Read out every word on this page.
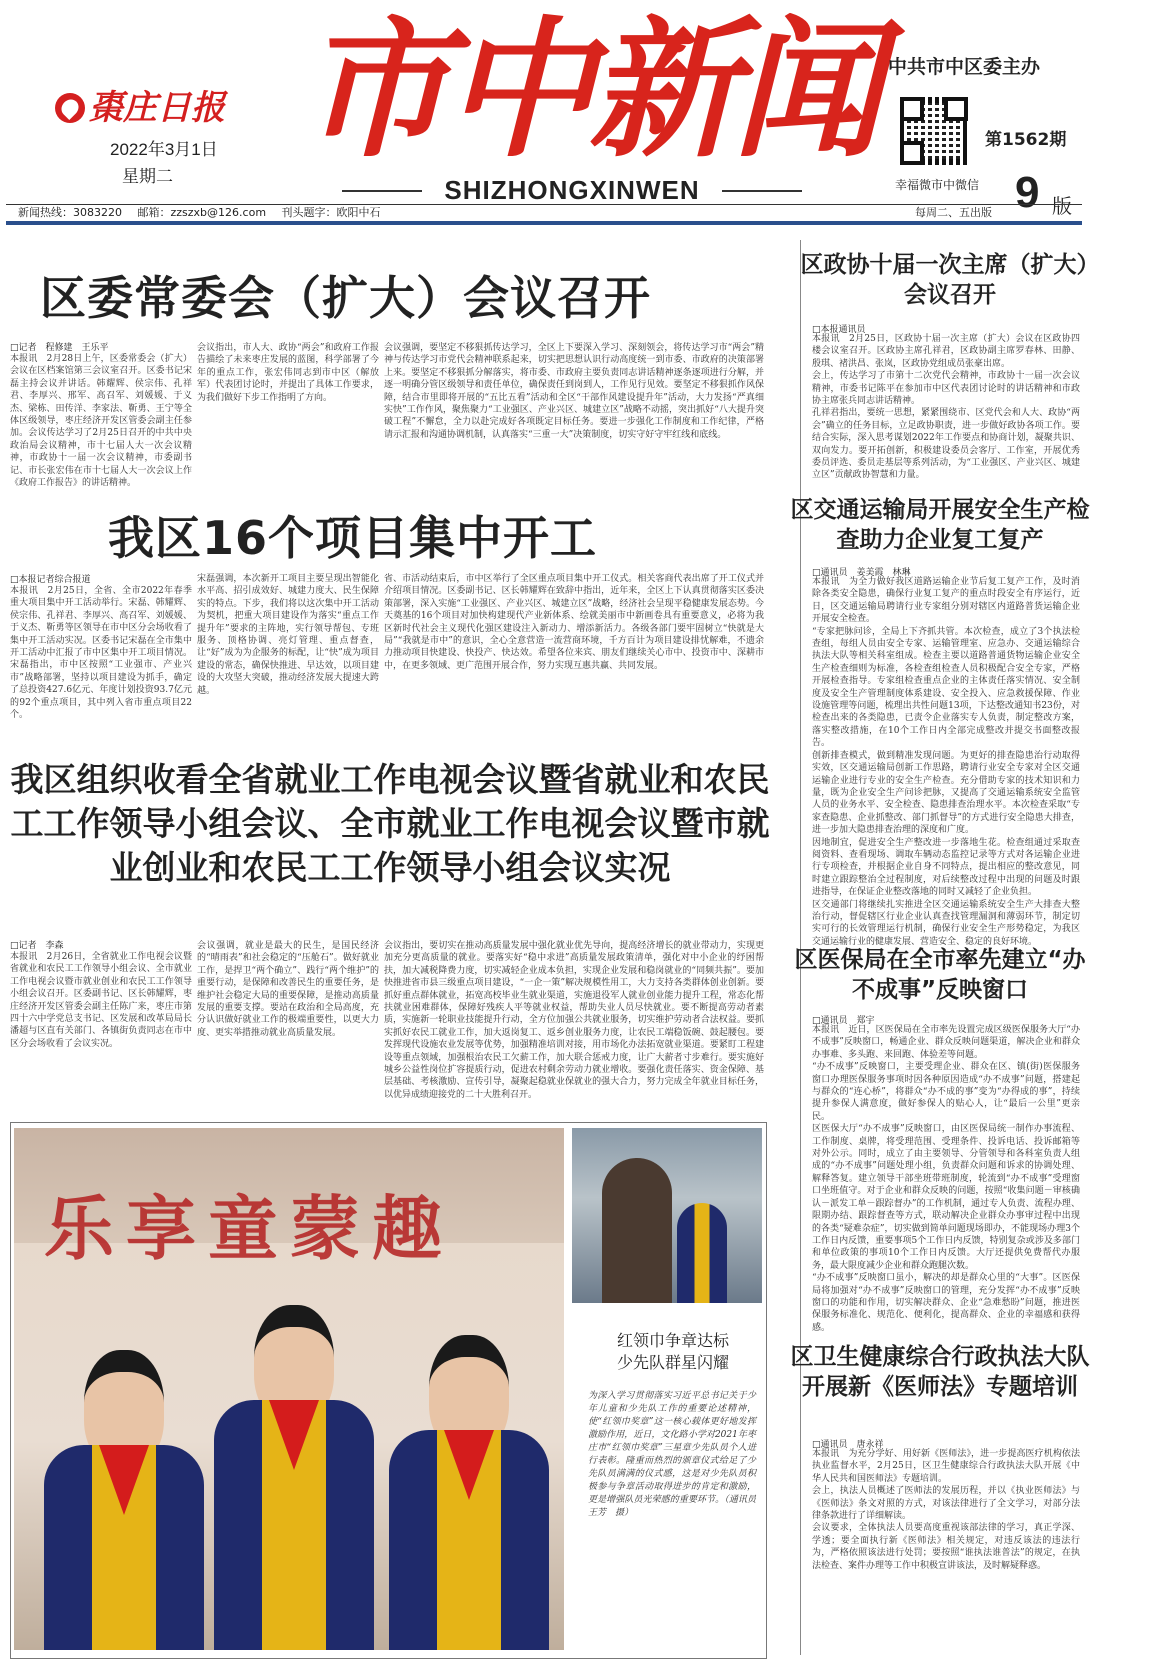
棗庄日报
2022年3月1日
星期二 市中新闻
SHIZHONGXINWEN
中共市中区委主办
第1562期
幸福微市中微信 9 版
新闻热线：3083220 邮箱：zzszxb@126.com 刊头题字：欧阳中石	每周二、五出版
区委常委会（扩大）会议召开
□记者　程修建　王乐平
本报讯　2月28日上午，区委常委会（扩大）会议在区档案馆第三会议室召开。区委书记宋磊主持会议并讲话。韩耀辉、侯宗伟、孔祥君、李厚兴、邢军、高召军、刘媛媛、于义杰、梁栋、田传洋、李家法、靳勇、王宁等全体区级领导，枣庄经济开发区管委会副主任参加。会议传达学习了2月25日召开的中共中央政治局会议精神，市十七届人大一次会议精神，市政协十一届一次会议精神，市委副书记、市长张宏伟在市十七届人大一次会议上作《政府工作报告》的讲话精神。
会议指出，市人大、政协“两会”和政府工作报告描绘了未来枣庄发展的蓝图，科学部署了今年的重点工作，张宏伟同志到市中区（解放军）代表团讨论时，并提出了具体工作要求，为我们做好下步工作指明了方向。
会议强调，要坚定不移狠抓传达学习，全区上下要深入学习、深刻领会，将传达学习市“两会”精神与传达学习市党代会精神联系起来，切实把思想认识行动高度统一到市委、市政府的决策部署上来。要坚定不移狠抓分解落实，将市委、市政府主要负责同志讲话精神逐条逐项进行分解，并逐一明确分管区级领导和责任单位，确保责任到岗到人，工作见行见效。要坚定不移狠抓作风保障，结合市里即将开展的“五比五看”活动和全区“干部作风建设提升年”活动，大力发扬“严真细实快”工作作风，聚焦聚力“工业强区、产业兴区、城建立区”战略不动摇，突出抓好“八大提升突破工程”不懈怠，全力以赴完成好各项既定目标任务。要进一步强化工作制度和工作纪律，严格请示汇报和沟通协调机制，认真落实“三重一大”决策制度，切实守好守牢红线和底线。
我区16个项目集中开工
□本报记者综合报道
本报讯　2月25日，全省、全市2022年春季重大项目集中开工活动举行。宋磊、韩耀辉、侯宗伟、孔祥君、李厚兴、高召军、刘媛媛、于义杰、靳勇等区领导在市中区分会场收看了集中开工活动实况。区委书记宋磊在全市集中开工活动中汇报了市中区集中开工项目情况。宋磊指出，市中区按照“工业强市、产业兴市”战略部署，坚持以项目建设为抓手，确定了总投资427.6亿元、年度计划投资93.7亿元的92个重点项目，其中列入省市重点项目22个。
宋磊强调，本次新开工项目主要呈现出智能化水平高、招引成效好、城建力度大、民生保障实的特点。下步，我们将以这次集中开工活动为契机，把重大项目建设作为落实“重点工作提升年”要求的主阵地，实行领导帮包、专班服务、顶格协调、亮灯管理、重点督查，让“好”成为为企服务的标配，让“快”成为项目建设的常态，确保快推进、早达效，以项目建设的大攻坚大突破，推动经济发展大提速大跨越。
省、市活动结束后，市中区举行了全区重点项目集中开工仪式。相关客商代表出席了开工仪式并介绍项目情况。区委副书记、区长韩耀辉在致辞中指出，近年来，全区上下认真贯彻落实区委决策部署，深入实施“工业强区、产业兴区、城建立区”战略，经济社会呈现平稳健康发展态势。今天奠基的16个项目对加快构建现代产业新体系、绘就美丽市中新画卷具有重要意义，必将为我区新时代社会主义现代化强区建设注入新动力、增添新活力。各级各部门要牢固树立“快就是大局”“我就是市中”的意识，全心全意营造一流营商环境，千方百计为项目建设排忧解难，不遗余力推动项目快建设、快投产、快达效。希望各位来宾、朋友们继续关心市中、投资市中、深耕市中，在更多领域、更广范围开展合作，努力实现互惠共赢、共同发展。
我区组织收看全省就业工作电视会议暨省就业和农民工工作领导小组会议、全市就业工作电视会议暨市就业创业和农民工工作领导小组会议实况
□记者　李森
本报讯　2月26日，全省就业工作电视会议暨省就业和农民工工作领导小组会议、全市就业工作电视会议暨市就业创业和农民工工作领导小组会议召开。区委副书记、区长韩耀辉，枣庄经济开发区管委会副主任陈广来，枣庄市第四十六中学党总支书记、区发展和改革局局长潘超与区直有关部门、各镇街负责同志在市中区分会场收看了会议实况。
会议强调，就业是最大的民生，是国民经济的“晴雨表”和社会稳定的“压舱石”。做好就业工作，是捍卫“两个确立”、践行“两个维护”的重要行动，是保障和改善民生的重要任务，是维护社会稳定大局的重要保障，是推动高质量发展的重要支撑。要站在政治和全局高度，充分认识做好就业工作的极端重要性，以更大力度、更实举措推动就业高质量发展。
会议指出，要切实在推动高质量发展中强化就业优先导向，提高经济增长的就业带动力，实现更加充分更高质量的就业。要落实好“稳中求进”高质量发展政策清单，强化对中小企业的纾困帮扶，加大减税降费力度，切实减轻企业成本负担，实现企业发展和稳岗就业的“同频共振”。要加快推进省市县三级重点项目建设，“一企一策”解决规模性用工，大力支持各类群体创业创新。要抓好重点群体就业，拓宽高校毕业生就业渠道，实施退役军人就业创业能力提升工程，常态化帮扶就业困难群体，保障好残疾人平等就业权益，帮助失业人员尽快就业。要不断提高劳动者素质，实施新一轮职业技能提升行动，全方位加强公共就业服务，切实维护劳动者合法权益。要抓实抓好农民工就业工作，加大返岗复工、返乡创业服务力度，让农民工端稳饭碗、鼓起腰包。要发挥现代设施农业发展等优势，加强精准培训对接，用市场化办法拓宽就业渠道。要紧盯工程建设等重点领域，加强根治农民工欠薪工作，加大联合惩戒力度，让广大薪者寸步难行。要实施好城乡公益性岗位扩容提质行动，促进农村剩余劳动力就业增收。要强化责任落实、资金保障、基层基础、考核激励、宣传引导，凝聚起稳就业保就业的强大合力，努力完成全年就业目标任务，以优异成绩迎接党的二十大胜利召开。
乐享童蒙趣
红领巾争章达标
少先队群星闪耀
为深入学习贯彻落实习近平总书记关于少年儿童和少先队工作的重要论述精神，使“红领巾奖章”这一核心载体更好地发挥激励作用，近日，文化路小学对2021年枣庄市“红领巾奖章”三星章少先队员个人进行表彰。隆重而热烈的颁章仪式给足了少先队员满满的仪式感，这是对少先队员积极参与争章活动取得进步的肯定和激励，更是增强队员光荣感的重要环节。（通讯员　王芳　摄）
区政协十届一次主席（扩大）会议召开
□本报通讯员

本报讯　2月25日，区政协十届一次主席（扩大）会议在区政协四楼会议室召开。区政协主席孔祥君，区政协副主席罗春林、田静、殷琪、褚洪昌、张岚，区政协党组成员张豪出席。

会上，传达学习了市第十二次党代会精神，市政协十一届一次会议精神，市委书记陈平在参加市中区代表团讨论时的讲话精神和市政协主席张兵同志讲话精神。

孔祥君指出，要统一思想，紧紧围绕市、区党代会和人大、政协“两会”确立的任务目标，立足政协职责，进一步做好政协各项工作。要结合实际，深入思考谋划2022年工作要点和协商计划，凝聚共识、双向发力。要开拓创新，积极建设委员会客厅、工作室，开展优秀委员评选、委员走基层等系列活动，为“工业强区、产业兴区、城建立区”贡献政协智慧和力量。

区交通运输局开展安全生产检查助力企业复工复产
□通讯员　姜美霞　林琳

本报讯　为全力做好我区道路运输企业节后复工复产工作，及时消除各类安全隐患，确保行业复工复产的重点时段安全有序运行，近日，区交通运输局聘请行业专家组分别对辖区内道路普货运输企业开展安全检查。

“专家把脉问诊，全局上下齐抓共管。本次检查，成立了3个执法检查组，每组人员由安全专家、运输管理室、应急办、交通运输综合执法大队等相关科室组成。检查主要以道路普通货物运输企业安全生产检查细则为标准，各检查组检查人员积极配合安全专家，严格开展检查指导。专家组检查重点企业的主体责任落实情况、安全制度及安全生产管理制度体系建设、安全投入、应急救援保障、作业设施管理等问题，梳理出共性问题13项，下达整改通知书23份，对检查出来的各类隐患，已责令企业落实专人负责，制定整改方案，落实整改措施，在10个工作日内全部完成整改并提交书面整改报告。

创新排查模式，做到精准发现问题。为更好的排查隐患治行动取得实效，区交通运输局创新工作思路，聘请行业安全专家对全区交通运输企业进行专业的安全生产检查。充分借助专家的技术知识和力量，既为企业安全生产问诊把脉，又提高了交通运输系统安全监管人员的业务水平、安全检查、隐患排查治理水平。本次检查采取“专家查隐患、企业抓整改、部门抓督导”的方式进行安全隐患大排查，进一步加大隐患排查治理的深度和广度。

因地制宜，促进安全生产整改进一步落地生花。检查组通过采取查阅资料、查看现场、调取车辆动态监控记录等方式对各运输企业进行专项检查，并根据企业自身不同特点，提出相应的整改意见，同时建立跟踪整治全过程制度，对后续整改过程中出现的问题及时跟进指导，在保证企业整改落地的同时又减轻了企业负担。

区交通部门将继续扎实推进全区交通运输系统安全生产大排查大整治行动，督促辖区行业企业认真查找管理漏洞和薄弱环节，制定切实可行的长效管理运行机制，确保行业安全生产形势稳定，为我区交通运输行业的健康发展、营造安全、稳定的良好环境。

区医保局在全市率先建立“办不成事”反映窗口
□通讯员　郑宇

本报讯　近日，区医保局在全市率先设置完成区级医保服务大厅“办不成事”反映窗口，畅通企业、群众反映问题渠道，解决企业和群众办事难、多头跑、来回跑、体验差等问题。

“办不成事”反映窗口，主要受理企业、群众在区、镇(街)医保服务窗口办理医保服务事项时因各种原因造成“办不成事”问题，搭建起与群众的“连心桥”，将群众“办不成的事”变为“办得成的事”，持续提升参保人满意度，做好参保人的贴心人，让“最后一公里”更亲民。

区医保大厅“办不成事”反映窗口，由区医保局统一制作办事流程、工作制度、桌牌，将受理范围、受理条件、投诉电话、投诉邮箱等对外公示。同时，成立了由主要领导、分管领导和各科室负责人组成的“办不成事”问题处理小组，负责群众问题和诉求的协调处理、解释答复。建立领导干部坐班带班制度，轮流到“办不成事”受理窗口坐班值守。对于企业和群众反映的问题，按照“收集问题－审核确认－派发工单－跟踪督办”的工作机制，通过专人负责、流程办理、限期办结、跟踪督查等方式，联动解决企业群众办事审过程中出现的各类“疑难杂症”，切实做到简单问题现场即办，不能现场办理3个工作日内反馈，重要事项5个工作日内反馈，特别复杂或涉及多部门和单位政策的事项10个工作日内反馈。大厅还提供免费帮代办服务，最大限度减少企业和群众跑腿次数。

“办不成事”反映窗口虽小，解决的却是群众心里的“大事”。区医保局将加强对“办不成事”反映窗口的管理，充分发挥“办不成事”反映窗口的功能和作用，切实解决群众、企业“急难愁盼”问题，推进医保服务标准化、规范化、便利化，提高群众、企业的幸福感和获得感。

区卫生健康综合行政执法大队开展新《医师法》专题培训
□通讯员　唐永祥

本报讯　为充分学好、用好新《医师法》，进一步提高医疗机构依法执业监督水平，2月25日，区卫生健康综合行政执法大队开展《中华人民共和国医师法》专题培训。

会上，执法人员概述了医师法的发展历程，并以《执业医师法》与《医师法》条文对照的方式，对该法律进行了全文学习，对部分法律条款进行了详细解读。

会议要求，全体执法人员要高度重视该部法律的学习，真正学深、学透；要全面执行新《医师法》相关规定，对违反该法的违法行为，严格依照该法进行处罚；要按照“谁执法谁普法”的规定，在执法检查、案件办理等工作中积极宣讲该法，及时解疑释惑。
